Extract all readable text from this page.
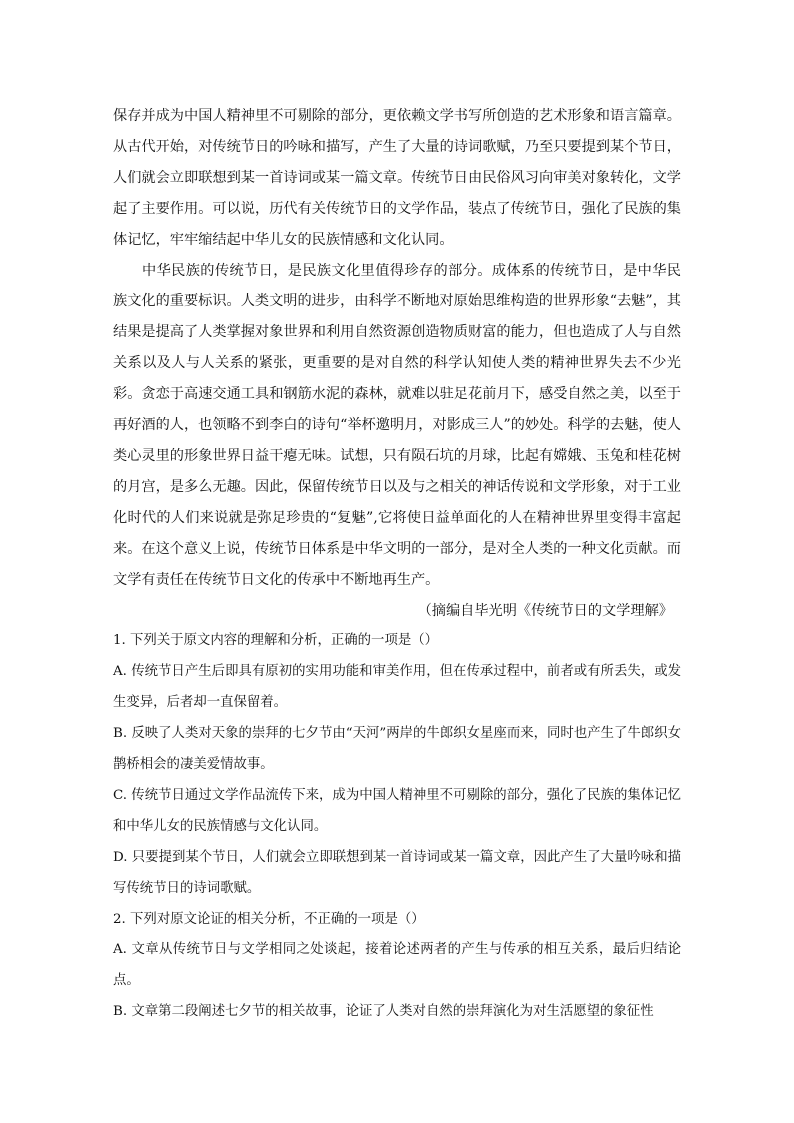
保存并成为中国人精神里不可剔除的部分，更依赖文学书写所创造的艺术形象和语言篇章。从古代开始，对传统节日的吟咏和描写，产生了大量的诗词歌赋，乃至只要提到某个节日，人们就会立即联想到某一首诗词或某一篇文章。传统节日由民俗风习向审美对象转化，文学起了主要作用。可以说，历代有关传统节日的文学作品，装点了传统节日，强化了民族的集体记忆，牢牢缩结起中华儿女的民族情感和文化认同。

中华民族的传统节日，是民族文化里值得珍存的部分。成体系的传统节日，是中华民族文化的重要标识。人类文明的进步，由科学不断地对原始思维构造的世界形象“去魅”，其结果是提高了人类掌握对象世界和利用自然资源创造物质财富的能力，但也造成了人与自然关系以及人与人关系的紧张，更重要的是对自然的科学认知使人类的精神世界失去不少光彩。贪恋于高速交通工具和钢筋水泥的森林，就难以驻足花前月下，感受自然之美，以至于再好酒的人，也领略不到李白的诗句“举杯邀明月，对影成三人”的妙处。科学的去魅，使人类心灵里的形象世界日益干瘪无味。试想，只有陨石坑的月球，比起有嫦娥、玉兔和桂花树的月宫，是多么无趣。因此，保留传统节日以及与之相关的神话传说和文学形象，对于工业化时代的人们来说就是弥足珍贵的“复魅”,它将使日益单面化的人在精神世界里变得丰富起来。在这个意义上说，传统节日体系是中华文明的一部分，是对全人类的一种文化贡献。而文学有责任在传统节日文化的传承中不断地再生产。

（摘编自毕光明《传统节日的文学理解》

1. 下列关于原文内容的理解和分析，正确的一项是（）

A. 传统节日产生后即具有原初的实用功能和审美作用，但在传承过程中，前者或有所丢失，或发生变异，后者却一直保留着。

B. 反映了人类对天象的崇拜的七夕节由“天河”两岸的牛郎织女星座而来，同时也产生了牛郎织女鹊桥相会的凄美爱情故事。

C. 传统节日通过文学作品流传下来，成为中国人精神里不可剔除的部分，强化了民族的集体记忆和中华儿女的民族情感与文化认同。

D. 只要提到某个节日，人们就会立即联想到某一首诗词或某一篇文章，因此产生了大量吟咏和描写传统节日的诗词歌赋。

2. 下列对原文论证的相关分析，不正确的一项是（）

A. 文章从传统节日与文学相同之处谈起，接着论述两者的产生与传承的相互关系，最后归结论点。

B. 文章第二段阐述七夕节的相关故事，论证了人类对自然的崇拜演化为对生活愿望的象征性
